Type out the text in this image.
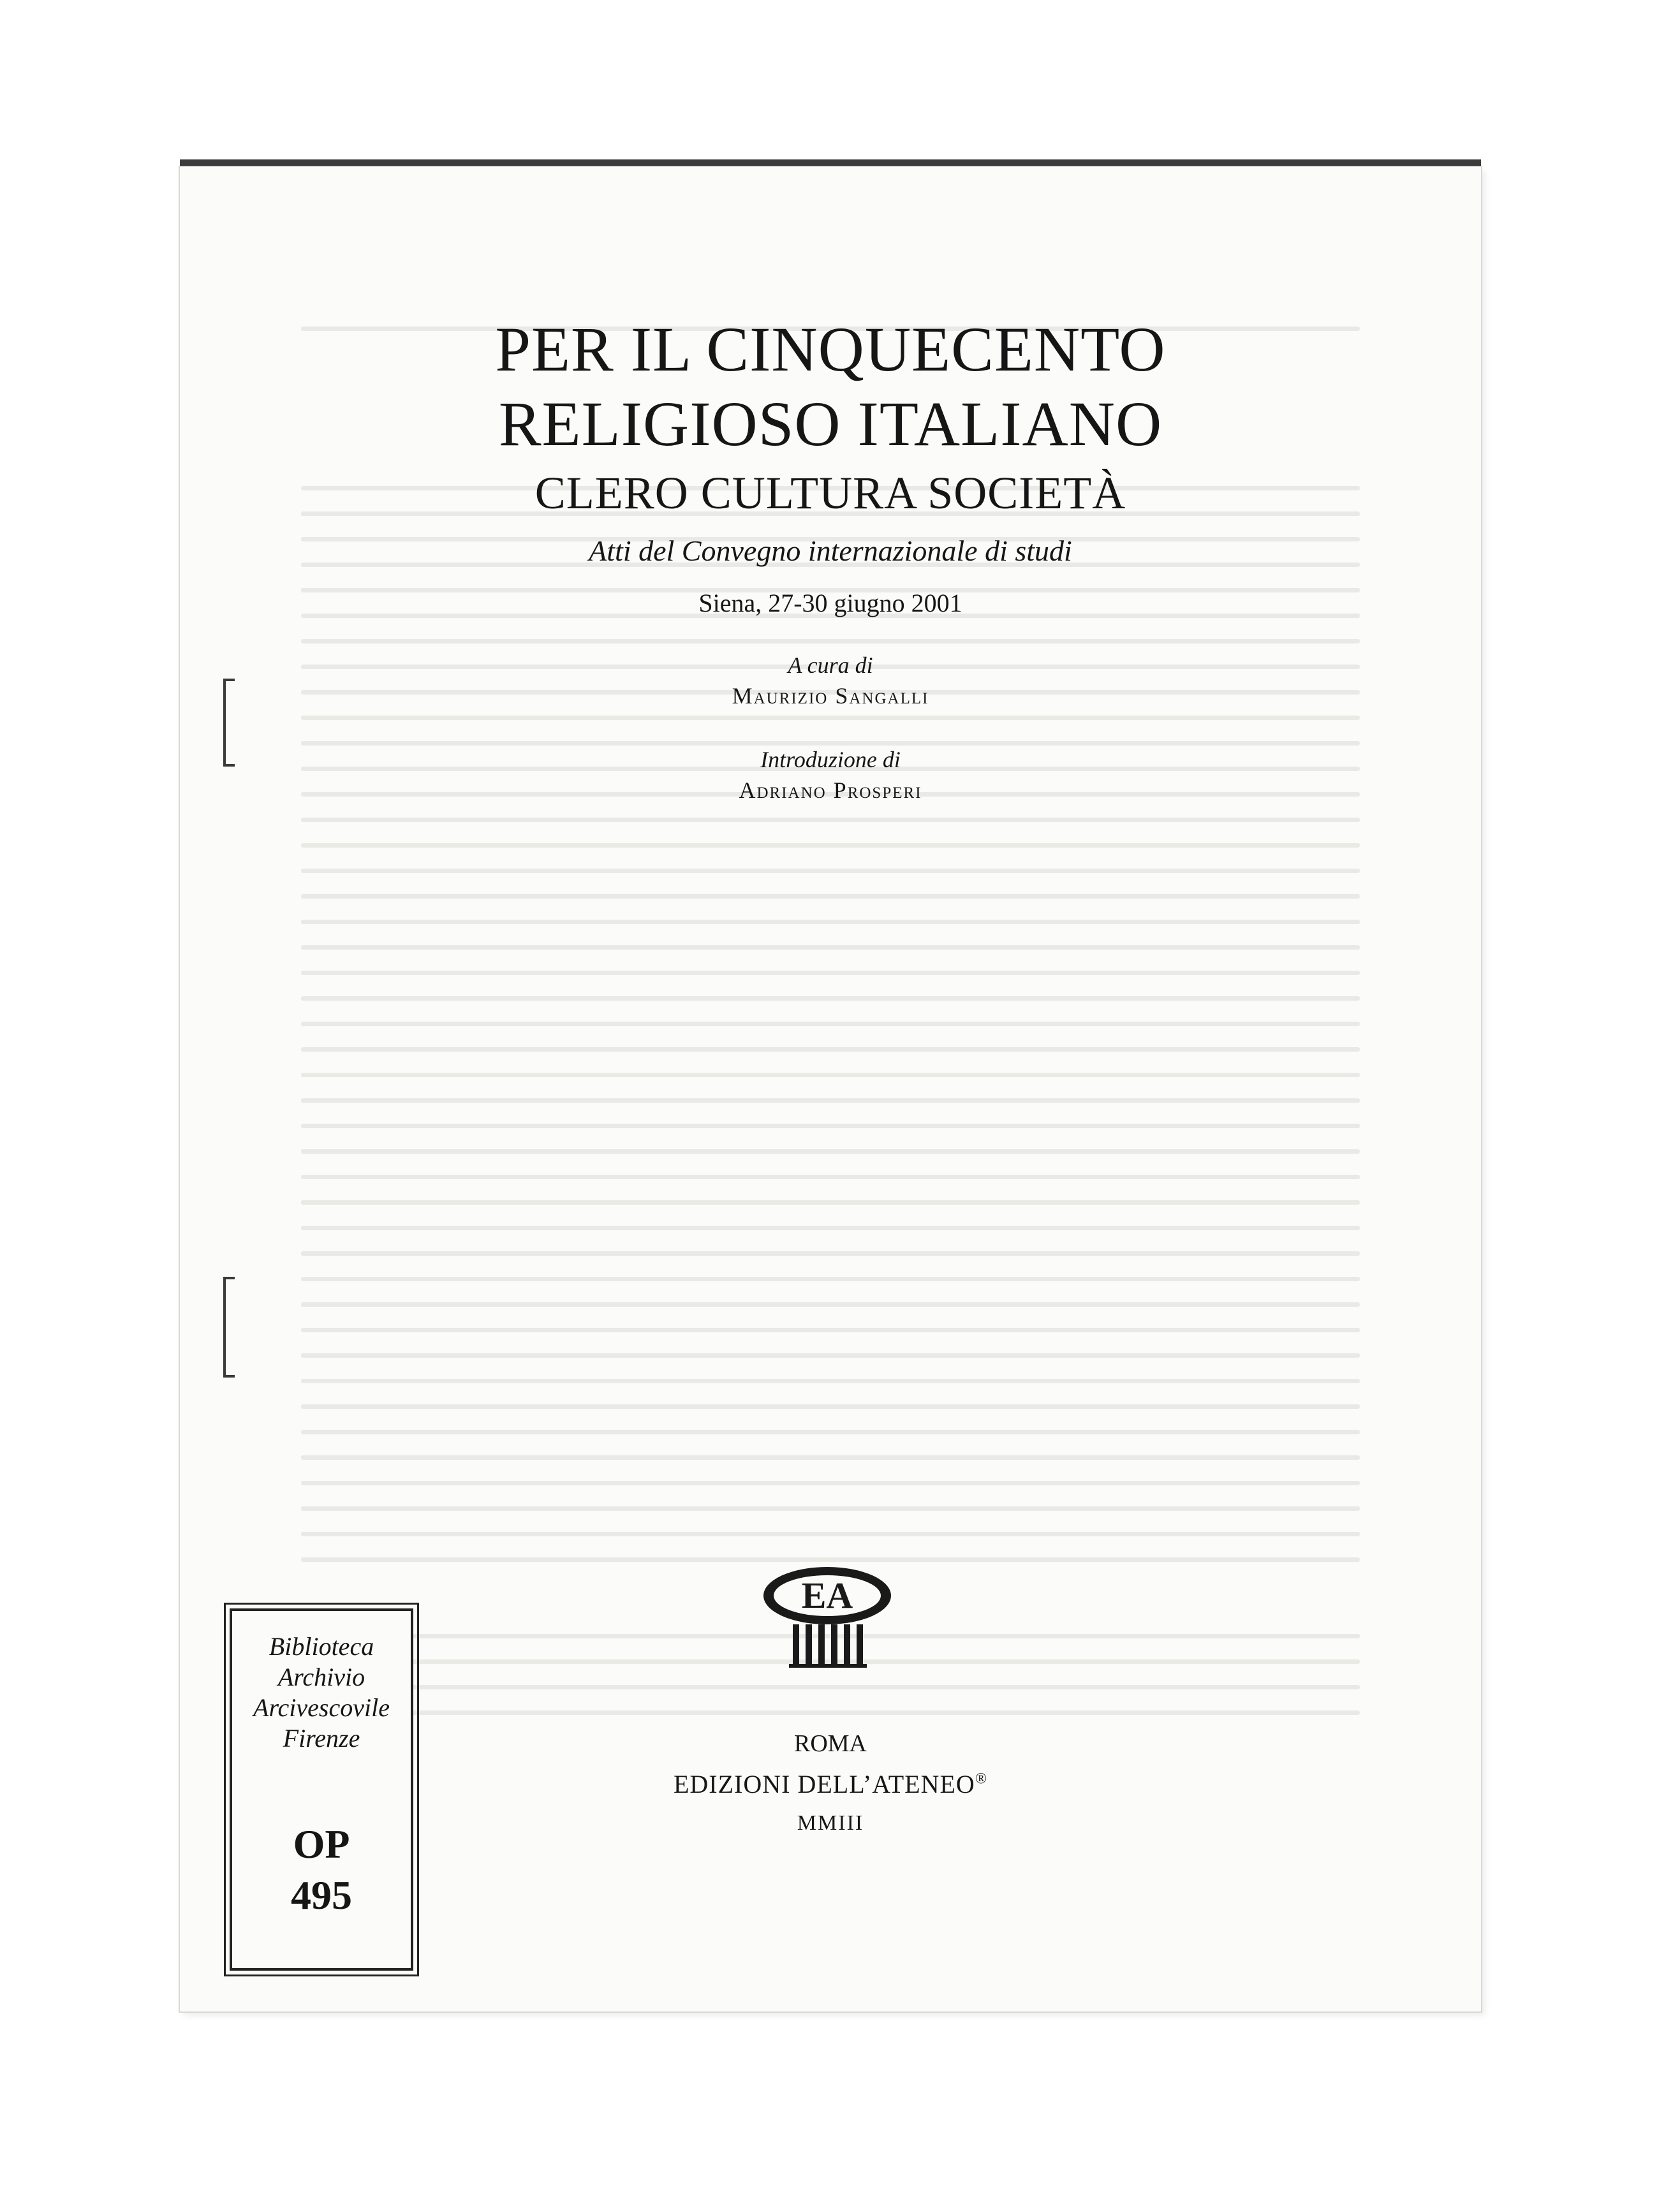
PER IL CINQUECENTO
RELIGIOSO ITALIANO
CLERO CULTURA SOCIETÀ
Atti del Convegno internazionale di studi
Siena, 27-30 giugno 2001
A cura di
Maurizio Sangalli
Introduzione di
Adriano Prosperi
EA
ROMA
EDIZIONI DELL’ATENEO®
MMIII
Biblioteca
Archivio
Arcivescovile
Firenze
OP
495
